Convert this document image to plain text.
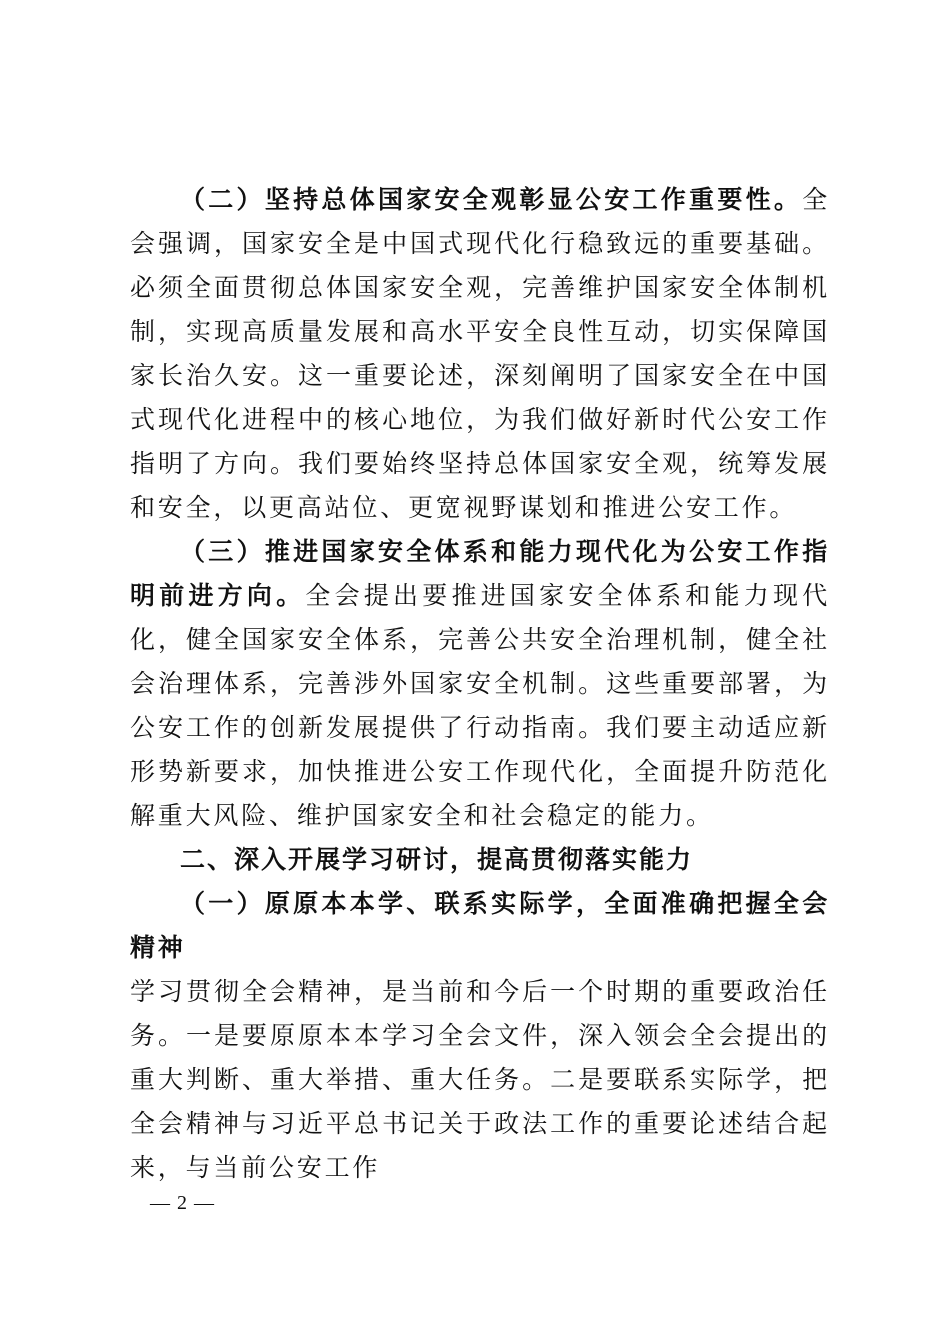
（二）坚持总体国家安全观彰显公安工作重要性。全会强调，国家安全是中国式现代化行稳致远的重要基础。必须全面贯彻总体国家安全观，完善维护国家安全体制机制，实现高质量发展和高水平安全良性互动，切实保障国家长治久安。这一重要论述，深刻阐明了国家安全在中国式现代化进程中的核心地位，为我们做好新时代公安工作指明了方向。我们要始终坚持总体国家安全观，统筹发展和安全，以更高站位、更宽视野谋划和推进公安工作。

（三）推进国家安全体系和能力现代化为公安工作指明前进方向。全会提出要推进国家安全体系和能力现代化，健全国家安全体系，完善公共安全治理机制，健全社会治理体系，完善涉外国家安全机制。这些重要部署，为公安工作的创新发展提供了行动指南。我们要主动适应新形势新要求，加快推进公安工作现代化，全面提升防范化解重大风险、维护国家安全和社会稳定的能力。

二、深入开展学习研讨，提高贯彻落实能力

（一）原原本本学、联系实际学，全面准确把握全会精神

学习贯彻全会精神，是当前和今后一个时期的重要政治任务。一是要原原本本学习全会文件，深入领会全会提出的重大判断、重大举措、重大任务。二是要联系实际学，把全会精神与习近平总书记关于政法工作的重要论述结合起来，与当前公安工作

— 2 —
